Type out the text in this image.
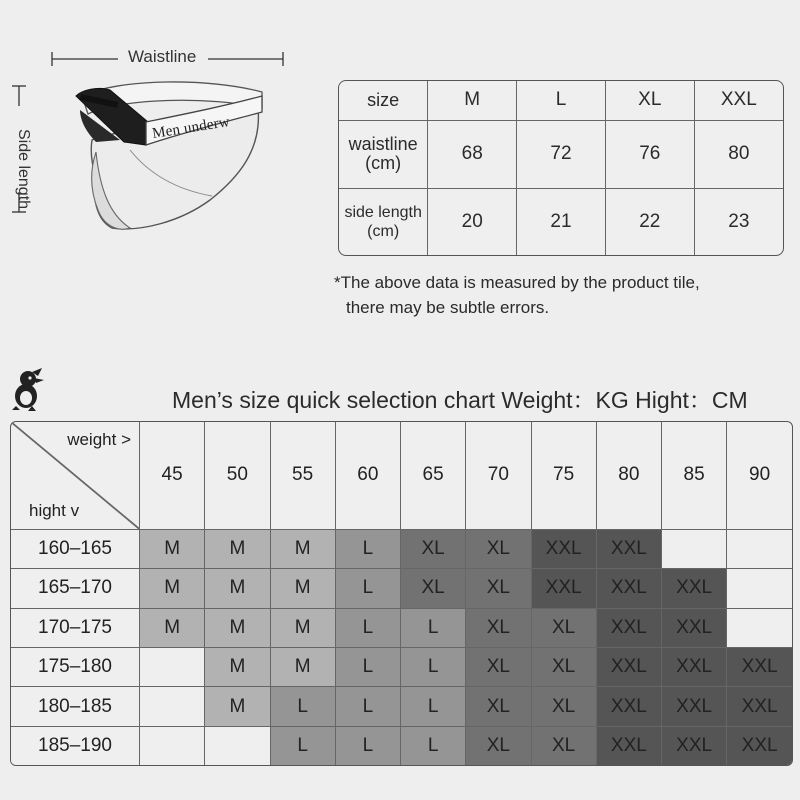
Waistline
Side length
Men underw
size	M	L	XL	XXL

waistline
(cm)	68	72	76	80

side length
(cm)	20	21	22	23
*The above data is measured by the product tile,
there may be subtle errors.
Men’s size quick selection chart Weight：KG Hight：CM
weight >
hight v	45	50	55	60	65	70	75	80	85	90
160–165	M	M	M	L	XL	XL	XXL	XXL		
165–170	M	M	M	L	XL	XL	XXL	XXL	XXL	
170–175	M	M	M	L	L	XL	XL	XXL	XXL	
175–180		M	M	L	L	XL	XL	XXL	XXL	XXL
180–185		M	L	L	L	XL	XL	XXL	XXL	XXL
185–190			L	L	L	XL	XL	XXL	XXL	XXL
